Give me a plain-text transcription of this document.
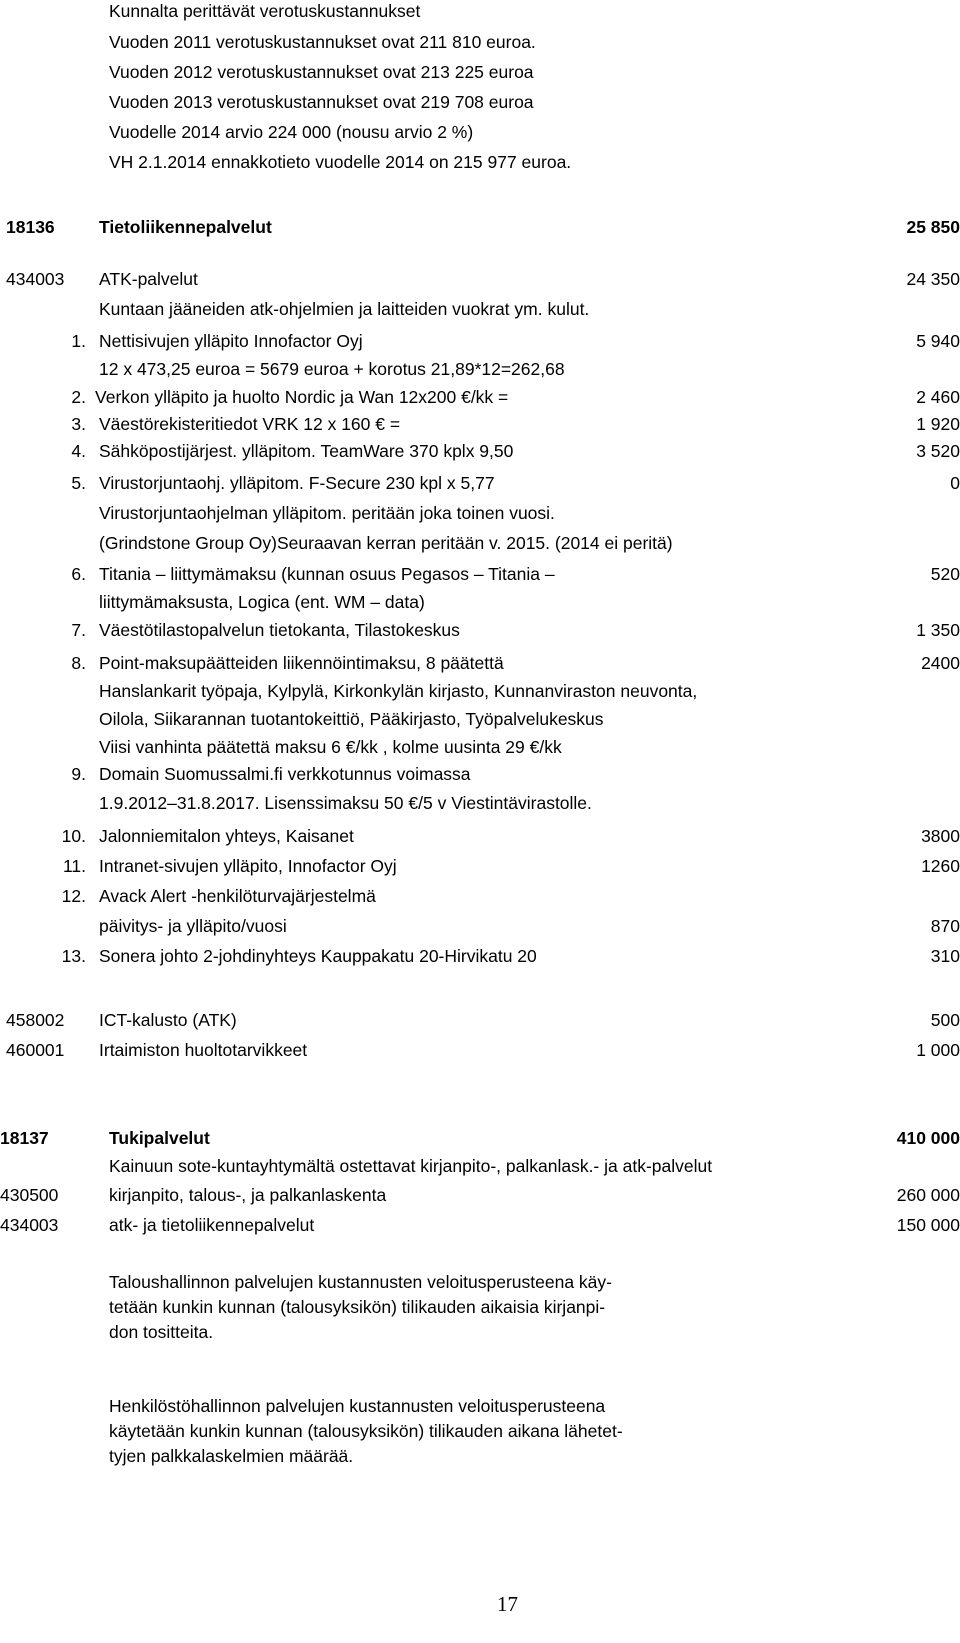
Kunnalta perittävät verotuskustannukset
Vuoden 2011 verotuskustannukset ovat 211 810 euroa.
Vuoden 2012 verotuskustannukset ovat 213 225 euroa
Vuoden 2013 verotuskustannukset ovat 219 708 euroa
Vuodelle 2014 arvio 224 000 (nousu arvio 2 %)
VH 2.1.2014 ennakkotieto vuodelle 2014 on 215 977 euroa.
18136	Tietoliikennepalvelut	25 850
434003 ATK-palvelut	24 350
Kuntaan jääneiden atk-ohjelmien ja laitteiden vuokrat ym. kulut.
1. Nettisivujen ylläpito Innofactor Oyj	5 940
12 x 473,25 euroa = 5679 euroa + korotus 21,89*12=262,68
2. Verkon ylläpito ja huolto Nordic ja Wan 12x200 €/kk =	2 460
3. Väestörekisteritiedot VRK 12 x 160 € =	1 920
4. Sähköpostijärjest. ylläpitom. TeamWare 370 kplx 9,50	3 520
5. Virustorjuntaohj. ylläpitom. F-Secure 230 kpl x 5,77	0
Virustorjuntaohjelman ylläpitom. peritään joka toinen vuosi.
(Grindstone Group Oy)Seuraavan kerran peritään v. 2015. (2014 ei peritä)
6. Titania – liittymämaksu (kunnan osuus Pegasos – Titania –	520
liittymämaksusta, Logica (ent. WM – data)
7. Väestötilastopalvelun tietokanta, Tilastokeskus	1 350
8. Point-maksupäätteiden liikennöintimaksu, 8 päätettä	2400
Hanslankarit työpaja, Kylpylä, Kirkonkylän kirjasto, Kunnanviraston neuvonta,
Oilola, Siikarannan tuotantokeittiö, Pääkirjasto, Työpalvelukeskus
Viisi vanhinta päätettä maksu 6 €/kk , kolme uusinta 29 €/kk
9. Domain Suomussalmi.fi verkkotunnus voimassa
1.9.2012–31.8.2017. Lisenssimaksu 50 €/5 v Viestintävirastolle.
10. Jalonniemitalon yhteys, Kaisanet	3800
11. Intranet-sivujen ylläpito, Innofactor Oyj	1260
12. Avack Alert -henkilöturvajärjestelmä
päivitys- ja ylläpito/vuosi	870
13. Sonera johto 2-johdinyhteys Kauppakatu 20-Hirvikatu 20	310
458002 ICT-kalusto (ATK)	500
460001 Irtaimiston huoltotarvikkeet	1 000
18137	Tukipalvelut	410 000
Kainuun sote-kuntayhtymältä ostettavat kirjanpito-, palkanlask.- ja atk-palvelut
430500	kirjanpito, talous-, ja palkanlaskenta	260 000
434003	atk- ja tietoliikennepalvelut	150 000
Taloushallinnon palvelujen kustannusten veloitusperusteena käy-
tetään kunkin kunnan (talousyksikön) tilikauden aikaisia kirjanpi-
don tositteita.
Henkilöstöhallinnon palvelujen kustannusten veloitusperusteena
käytetään kunkin kunnan (talousyksikön) tilikauden aikana lähetet-
tyjen palkkalaskelmien määrää.
17
